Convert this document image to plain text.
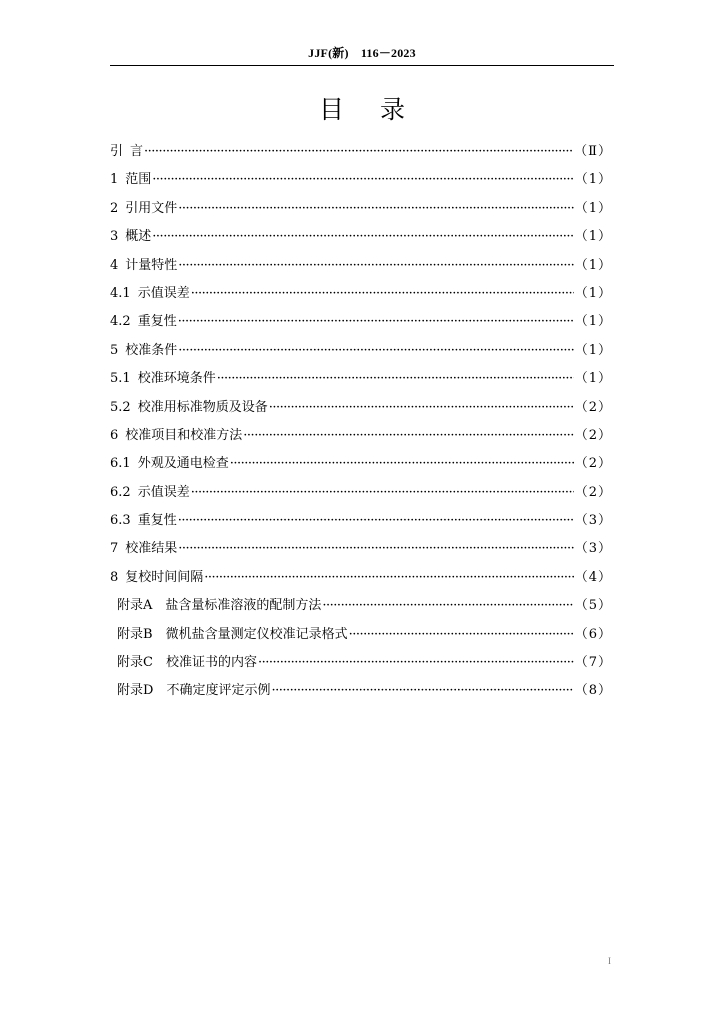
JJF(新)　116－2023
目 录
引 言 ·····	（Ⅱ）
1 范围 ·····	（1）
2 引用文件 ·····	（1）
3 概述 ·····	（1）
4 计量特性 ·····	（1）
4.1 示值误差 ·····	（1）
4.2 重复性 ·····	（1）
5 校准条件 ·····	（1）
5.1 校准环境条件 ·····	（1）
5.2 校准用标准物质及设备 ·····	（2）
6 校准项目和校准方法 ·····	（2）
6.1 外观及通电检查 ·····	（2）
6.2 示值误差 ·····	（2）
6.3 重复性 ·····	（3）
7 校准结果 ·····	（3）
8 复校时间间隔 ·····	（4）
附录A 盐含量标准溶液的配制方法 ·····	（5）
附录B 微机盐含量测定仪校准记录格式 ·····	（6）
附录C 校准证书的内容 ·····	（7）
附录D 不确定度评定示例 ·····	（8）
I
